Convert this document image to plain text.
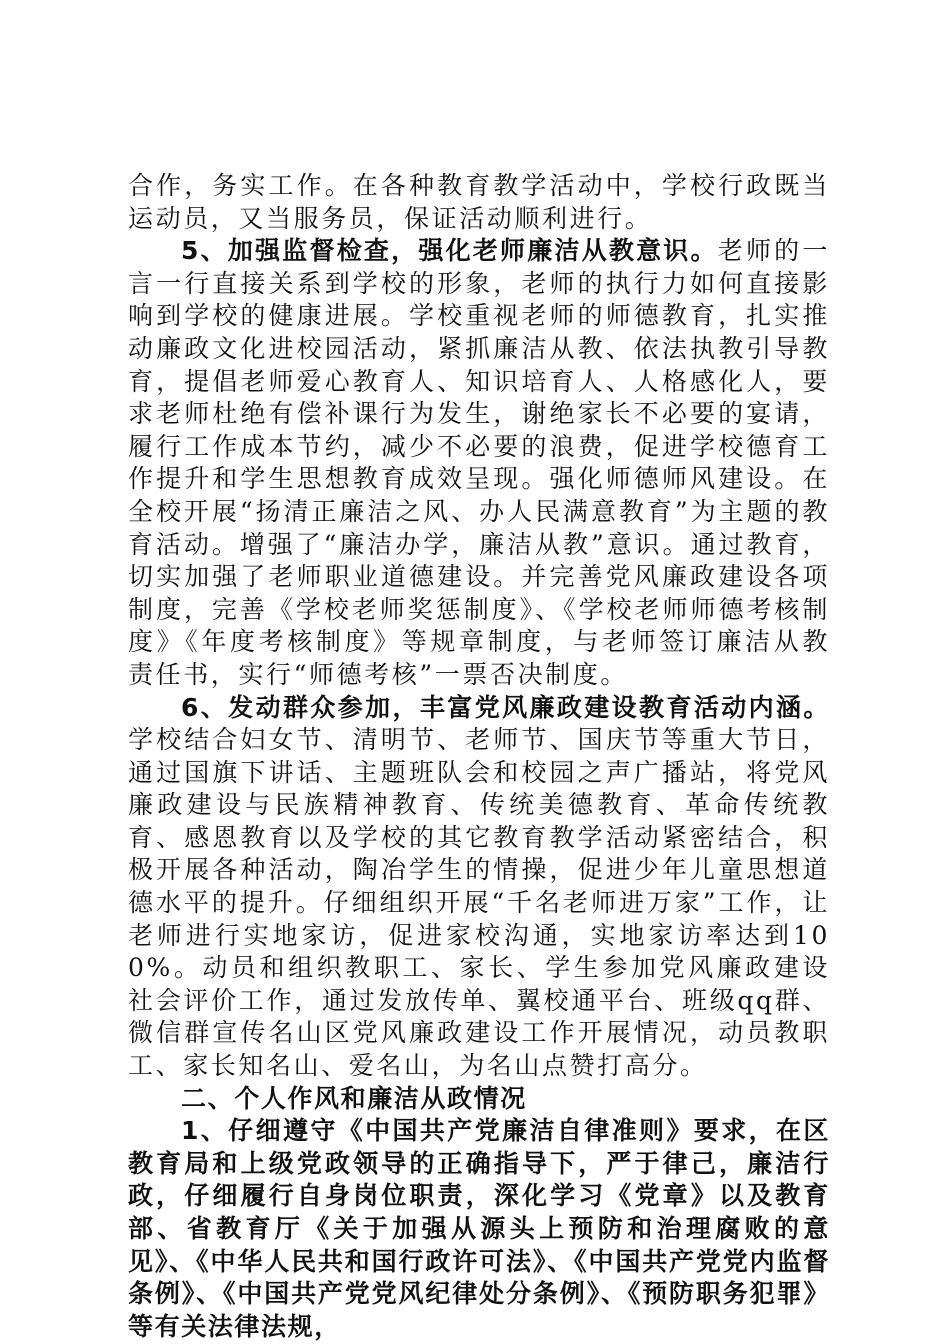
合作，务实工作。在各种教育教学活动中，学校行政既当运动员，又当服务员，保证活动顺利进行。

5、加强监督检查，强化老师廉洁从教意识。老师的一言一行直接关系到学校的形象，老师的执行力如何直接影响到学校的健康进展。学校重视老师的师德教育，扎实推动廉政文化进校园活动，紧抓廉洁从教、依法执教引导教育，提倡老师爱心教育人、知识培育人、人格感化人，要求老师杜绝有偿补课行为发生，谢绝家长不必要的宴请，履行工作成本节约，减少不必要的浪费，促进学校德育工作提升和学生思想教育成效呈现。强化师德师风建设。在全校开展“扬清正廉洁之风、办人民满意教育”为主题的教育活动。增强了“廉洁办学，廉洁从教”意识。通过教育，切实加强了老师职业道德建设。并完善党风廉政建设各项制度，完善《学校老师奖惩制度》、《学校老师师德考核制度》《年度考核制度》等规章制度，与老师签订廉洁从教责任书，实行“师德考核”一票否决制度。

6、发动群众参加，丰富党风廉政建设教育活动内涵。学校结合妇女节、清明节、老师节、国庆节等重大节日，通过国旗下讲话、主题班队会和校园之声广播站，将党风廉政建设与民族精神教育、传统美德教育、革命传统教育、感恩教育以及学校的其它教育教学活动紧密结合，积极开展各种活动，陶冶学生的情操，促进少年儿童思想道德水平的提升。仔细组织开展“千名老师进万家”工作，让老师进行实地家访，促进家校沟通，实地家访率达到100%。动员和组织教职工、家长、学生参加党风廉政建设社会评价工作，通过发放传单、翼校通平台、班级qq群、微信群宣传名山区党风廉政建设工作开展情况，动员教职工、家长知名山、爱名山，为名山点赞打高分。

二、个人作风和廉洁从政情况

1、仔细遵守《中国共产党廉洁自律准则》要求，在区教育局和上级党政领导的正确指导下，严于律己，廉洁行政，仔细履行自身岗位职责，深化学习《党章》以及教育部、省教育厅《关于加强从源头上预防和治理腐败的意见》、《中华人民共和国行政许可法》、《中国共产党党内监督条例》、《中国共产党党风纪律处分条例》、《预防职务犯罪》等有关法律法规，
